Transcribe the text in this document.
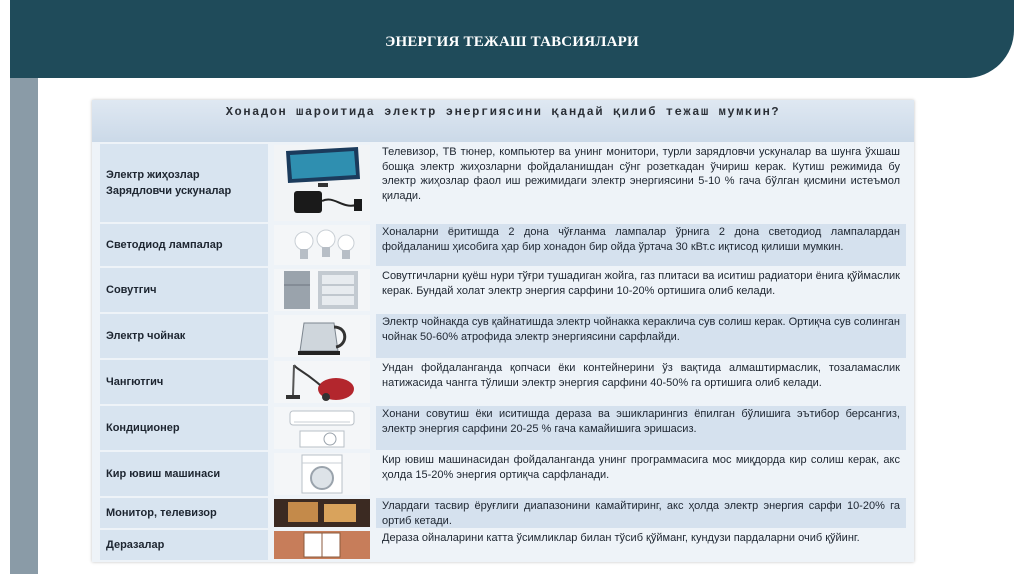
ЭНЕРГИЯ ТЕЖАШ ТАВСИЯЛАРИ
Хонадон шароитида электр энергиясини қандай қилиб тежаш мумкин?
Электр жиҳозлар Зарядловчи ускуналар
Телевизор, ТВ тюнер, компьютер ва унинг монитори, турли зарядловчи ускуналар ва шунга ўхшаш бошқа электр жиҳозларни фойдаланишдан сўнг розеткадан ўчириш керак. Кутиш режимида бу электр жиҳозлар фаол иш режимидаги электр энергиясини 5-10 % гача бўлган қисмини истеъмол қилади.
Светодиод лампалар
Хоналарни ёритишда 2 дона чўғланма лампалар ўрнига 2 дона светодиод лампалардан фойдаланиш ҳисобига ҳар бир хонадон бир ойда ўртача 30 кВт.с иқтисод қилиши мумкин.
Совутгич
Совутгичларни қуёш нури тўғри тушадиган жойга, газ плитаси ва иситиш радиатори ёнига қўймаслик керак. Бундай холат электр энергия сарфини 10-20% ортишига олиб келади.
Электр чойнак
Электр чойнакда сув қайнатишда электр чойнакка кераклича сув солиш керак. Ортиқча сув солинган чойнак 50-60% атрофида электр энергиясини сарфлайди.
Чангютгич
Ундан фойдаланганда қопчаси ёки контейнерини ўз вақтида алмаштирмаслик, тозаламаслик натижасида чангга тўлиши электр энергия сарфини 40-50% га ортишига олиб келади.
Кондиционер
Хонани совутиш ёки иситишда дераза ва эшикларингиз ёпилган бўлишига эътибор берсангиз, электр энергия сарфини 20-25 % гача камайишига эришасиз.
Кир ювиш машинаси
Кир ювиш машинасидан фойдаланганда унинг программасига мос миқдорда кир солиш керак, акс ҳолда 15-20% энергия ортиқча сарфланади.
Монитор, телевизор
Улардаги тасвир ёруғлиги диапазонини камайтиринг, акс ҳолда электр энергия сарфи 10-20% га ортиб кетади.
Деразалар
Дераза ойналарини катта ўсимликлар билан тўсиб қўйманг, кундузи пардаларни очиб қўйинг.
